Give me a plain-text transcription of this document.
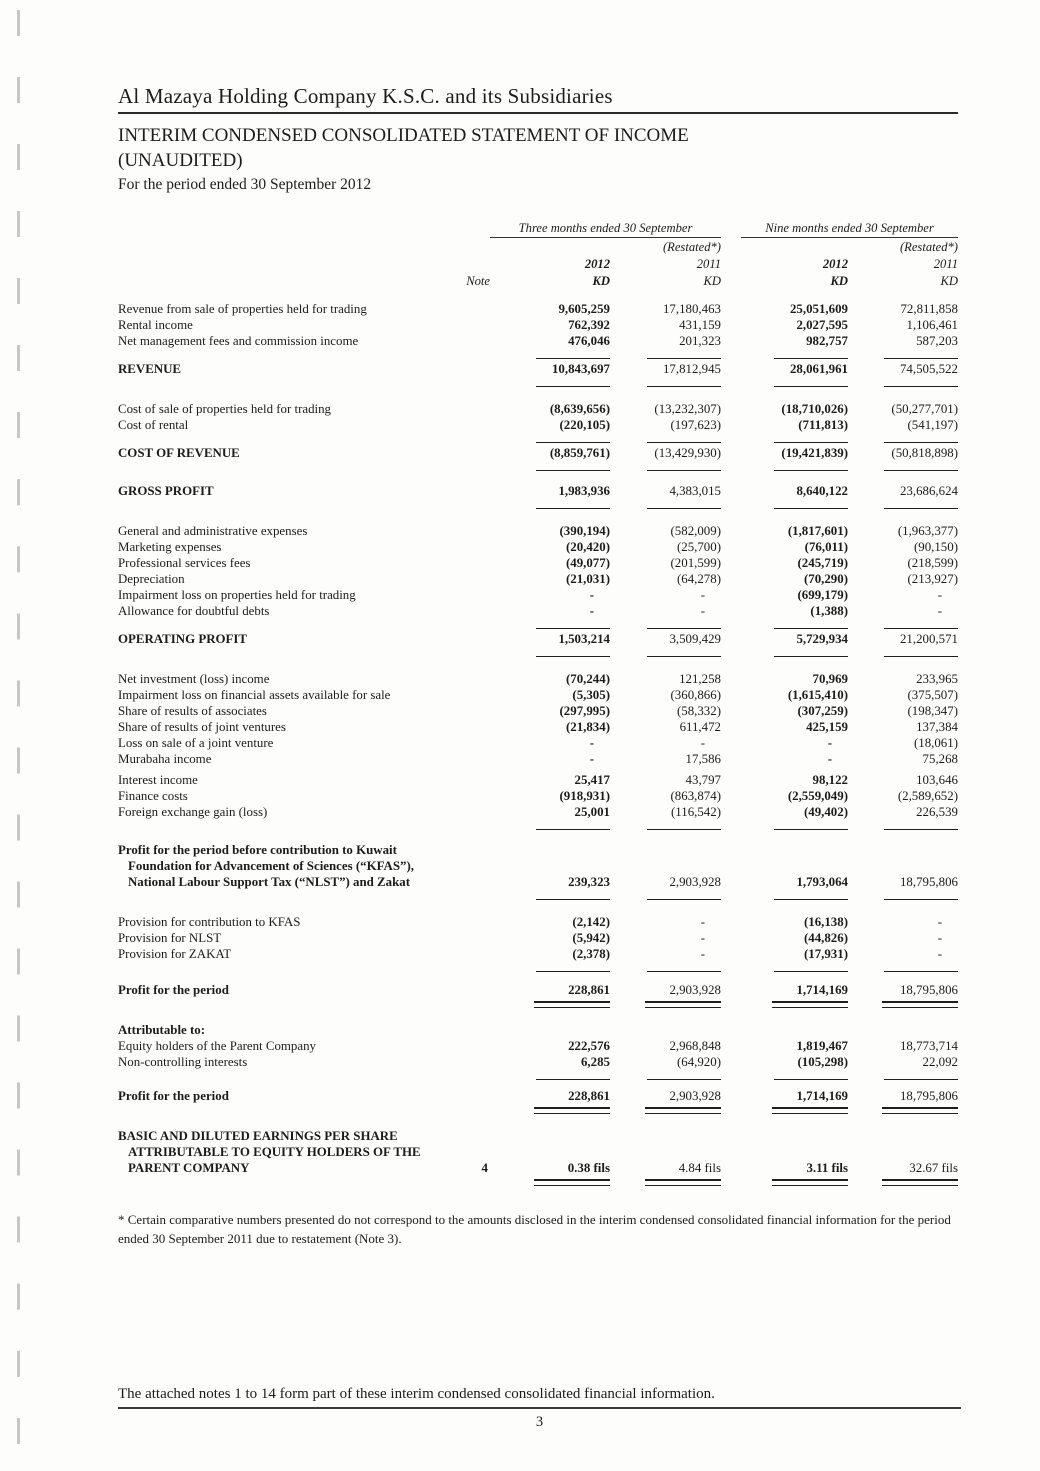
Al Mazaya Holding Company K.S.C. and its Subsidiaries
INTERIM CONDENSED CONSOLIDATED STATEMENT OF INCOME
(UNAUDITED)
For the period ended 30 September 2012
Three months ended 30 September	Nine months ended 30 September
(Restated*)	(Restated*)
2012	2011	2012	2011
Note	KD	KD	KD	KD
Revenue from sale of properties held for trading	9,605,259	17,180,463	25,051,609	72,811,858
Rental income	762,392	431,159	2,027,595	1,106,461
Net management fees and commission income	476,046	201,323	982,757	587,203
REVENUE	10,843,697	17,812,945	28,061,961	74,505,522
Cost of sale of properties held for trading	(8,639,656)	(13,232,307)	(18,710,026)	(50,277,701)
Cost of rental	(220,105)	(197,623)	(711,813)	(541,197)
COST OF REVENUE	(8,859,761)	(13,429,930)	(19,421,839)	(50,818,898)
GROSS PROFIT	1,983,936	4,383,015	8,640,122	23,686,624
General and administrative expenses	(390,194)	(582,009)	(1,817,601)	(1,963,377)
Marketing expenses	(20,420)	(25,700)	(76,011)	(90,150)
Professional services fees	(49,077)	(201,599)	(245,719)	(218,599)
Depreciation	(21,031)	(64,278)	(70,290)	(213,927)
Impairment loss on properties held for trading	-	-	(699,179)	-
Allowance for doubtful debts	-	-	(1,388)	-
OPERATING PROFIT	1,503,214	3,509,429	5,729,934	21,200,571
Net investment (loss) income	(70,244)	121,258	70,969	233,965
Impairment loss on financial assets available for sale	(5,305)	(360,866)	(1,615,410)	(375,507)
Share of results of associates	(297,995)	(58,332)	(307,259)	(198,347)
Share of results of joint ventures	(21,834)	611,472	425,159	137,384
Loss on sale of a joint venture	-	-	-	(18,061)
Murabaha income	-	17,586	-	75,268
Interest income	25,417	43,797	98,122	103,646
Finance costs	(918,931)	(863,874)	(2,559,049)	(2,589,652)
Foreign exchange gain (loss)	25,001	(116,542)	(49,402)	226,539
Profit for the period before contribution to Kuwait
Foundation for Advancement of Sciences (“KFAS”),
National Labour Support Tax (“NLST”) and Zakat	239,323	2,903,928	1,793,064	18,795,806
Provision for contribution to KFAS	(2,142)	-	(16,138)	-
Provision for NLST	(5,942)	-	(44,826)	-
Provision for ZAKAT	(2,378)	-	(17,931)	-
Profit for the period	228,861	2,903,928	1,714,169	18,795,806
Attributable to:
Equity holders of the Parent Company	222,576	2,968,848	1,819,467	18,773,714
Non-controlling interests	6,285	(64,920)	(105,298)	22,092
Profit for the period	228,861	2,903,928	1,714,169	18,795,806
BASIC AND DILUTED EARNINGS PER SHARE
ATTRIBUTABLE TO EQUITY HOLDERS OF THE
PARENT COMPANY	4	0.38 fils	4.84 fils	3.11 fils	32.67 fils
* Certain comparative numbers presented do not correspond to the amounts disclosed in the interim condensed consolidated financial information for the period ended 30 September 2011 due to restatement (Note 3).
The attached notes 1 to 14 form part of these interim condensed consolidated financial information.
3
